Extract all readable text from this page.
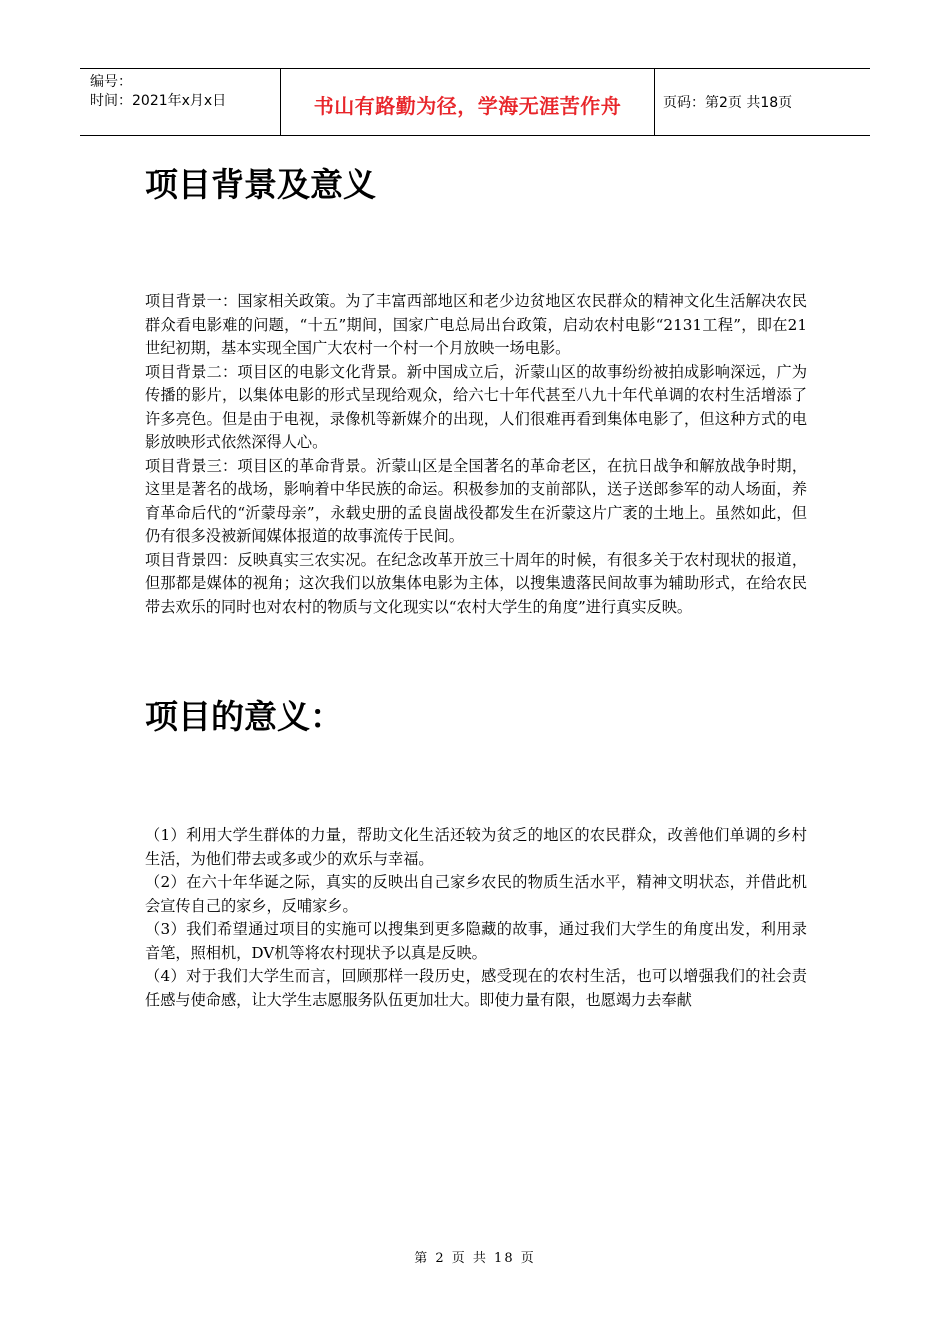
编号：
时间：2021年x月x日	书山有路勤为径，学海无涯苦作舟	页码：第2页 共18页
项目背景及意义

项目背景一：国家相关政策。为了丰富西部地区和老少边贫地区农民群众的精神文化生活解决农民群众看电影难的问题，“十五”期间，国家广电总局出台政策，启动农村电影“2131工程”，即在21世纪初期，基本实现全国广大农村一个村一个月放映一场电影。

项目背景二：项目区的电影文化背景。新中国成立后，沂蒙山区的故事纷纷被拍成影响深远，广为传播的影片，以集体电影的形式呈现给观众，给六七十年代甚至八九十年代单调的农村生活增添了许多亮色。但是由于电视，录像机等新媒介的出现，人们很难再看到集体电影了，但这种方式的电影放映形式依然深得人心。

项目背景三：项目区的革命背景。沂蒙山区是全国著名的革命老区，在抗日战争和解放战争时期，这里是著名的战场，影响着中华民族的命运。积极参加的支前部队，送子送郎参军的动人场面，养育革命后代的“沂蒙母亲”，永载史册的孟良崮战役都发生在沂蒙这片广袤的土地上。虽然如此，但仍有很多没被新闻媒体报道的故事流传于民间。

项目背景四：反映真实三农实况。在纪念改革开放三十周年的时候，有很多关于农村现状的报道，但那都是媒体的视角；这次我们以放集体电影为主体，以搜集遗落民间故事为辅助形式，在给农民带去欢乐的同时也对农村的物质与文化现实以“农村大学生的角度”进行真实反映。

项目的意义：

（1）利用大学生群体的力量，帮助文化生活还较为贫乏的地区的农民群众，改善他们单调的乡村生活，为他们带去或多或少的欢乐与幸福。

（2）在六十年华诞之际，真实的反映出自己家乡农民的物质生活水平，精神文明状态，并借此机会宣传自己的家乡，反哺家乡。

（3）我们希望通过项目的实施可以搜集到更多隐藏的故事，通过我们大学生的角度出发，利用录音笔，照相机，DV机等将农村现状予以真是反映。

（4）对于我们大学生而言，回顾那样一段历史，感受现在的农村生活，也可以增强我们的社会责任感与使命感，让大学生志愿服务队伍更加壮大。即使力量有限，也愿竭力去奉献

第 2 页 共 18 页
